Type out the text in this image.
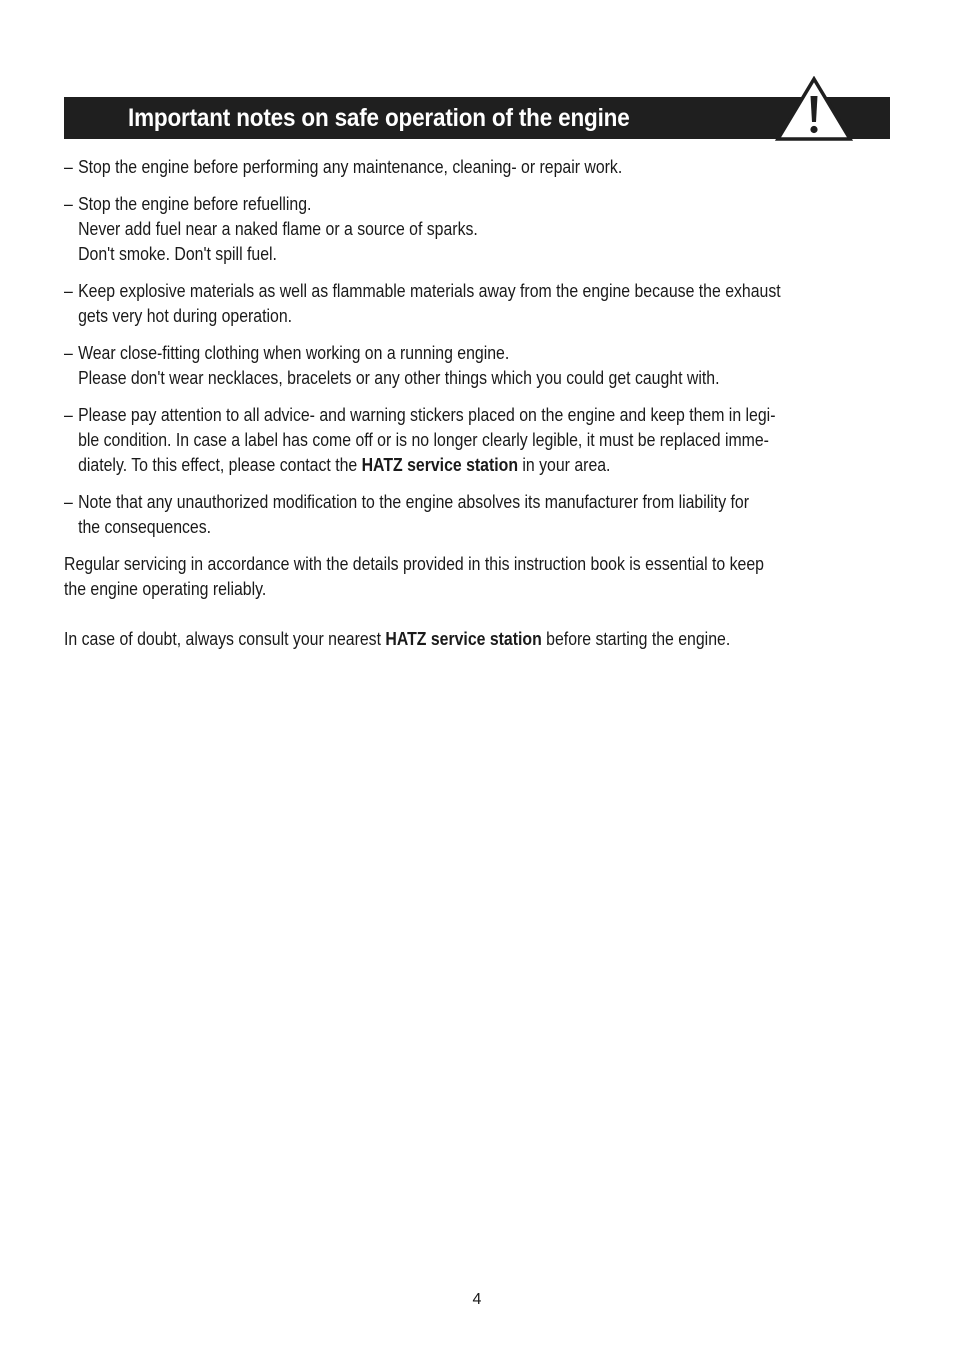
Important notes on safe operation of the engine
– Stop the engine before performing any maintenance, cleaning- or repair work.
– Stop the engine before refuelling.
Never add fuel near a naked flame or a source of sparks.
Don't smoke. Don't spill fuel.
– Keep explosive materials as well as flammable materials away from the engine because the exhaust
gets very hot during operation.
– Wear close-fitting clothing when working on a running engine.
Please don't wear necklaces, bracelets or any other things which you could get caught with.
– Please pay attention to all advice- and warning stickers placed on the engine and keep them in legi-
ble condition. In case a label has come off or is no longer clearly legible, it must be replaced imme-
diately. To this effect, please contact the HATZ service station in your area.
– Note that any unauthorized modification to the engine absolves its manufacturer from liability for
the consequences.

Regular servicing in accordance with the details provided in this instruction book is essential to keep
the engine operating reliably.

In case of doubt, always consult your nearest HATZ service station before starting the engine.

4
